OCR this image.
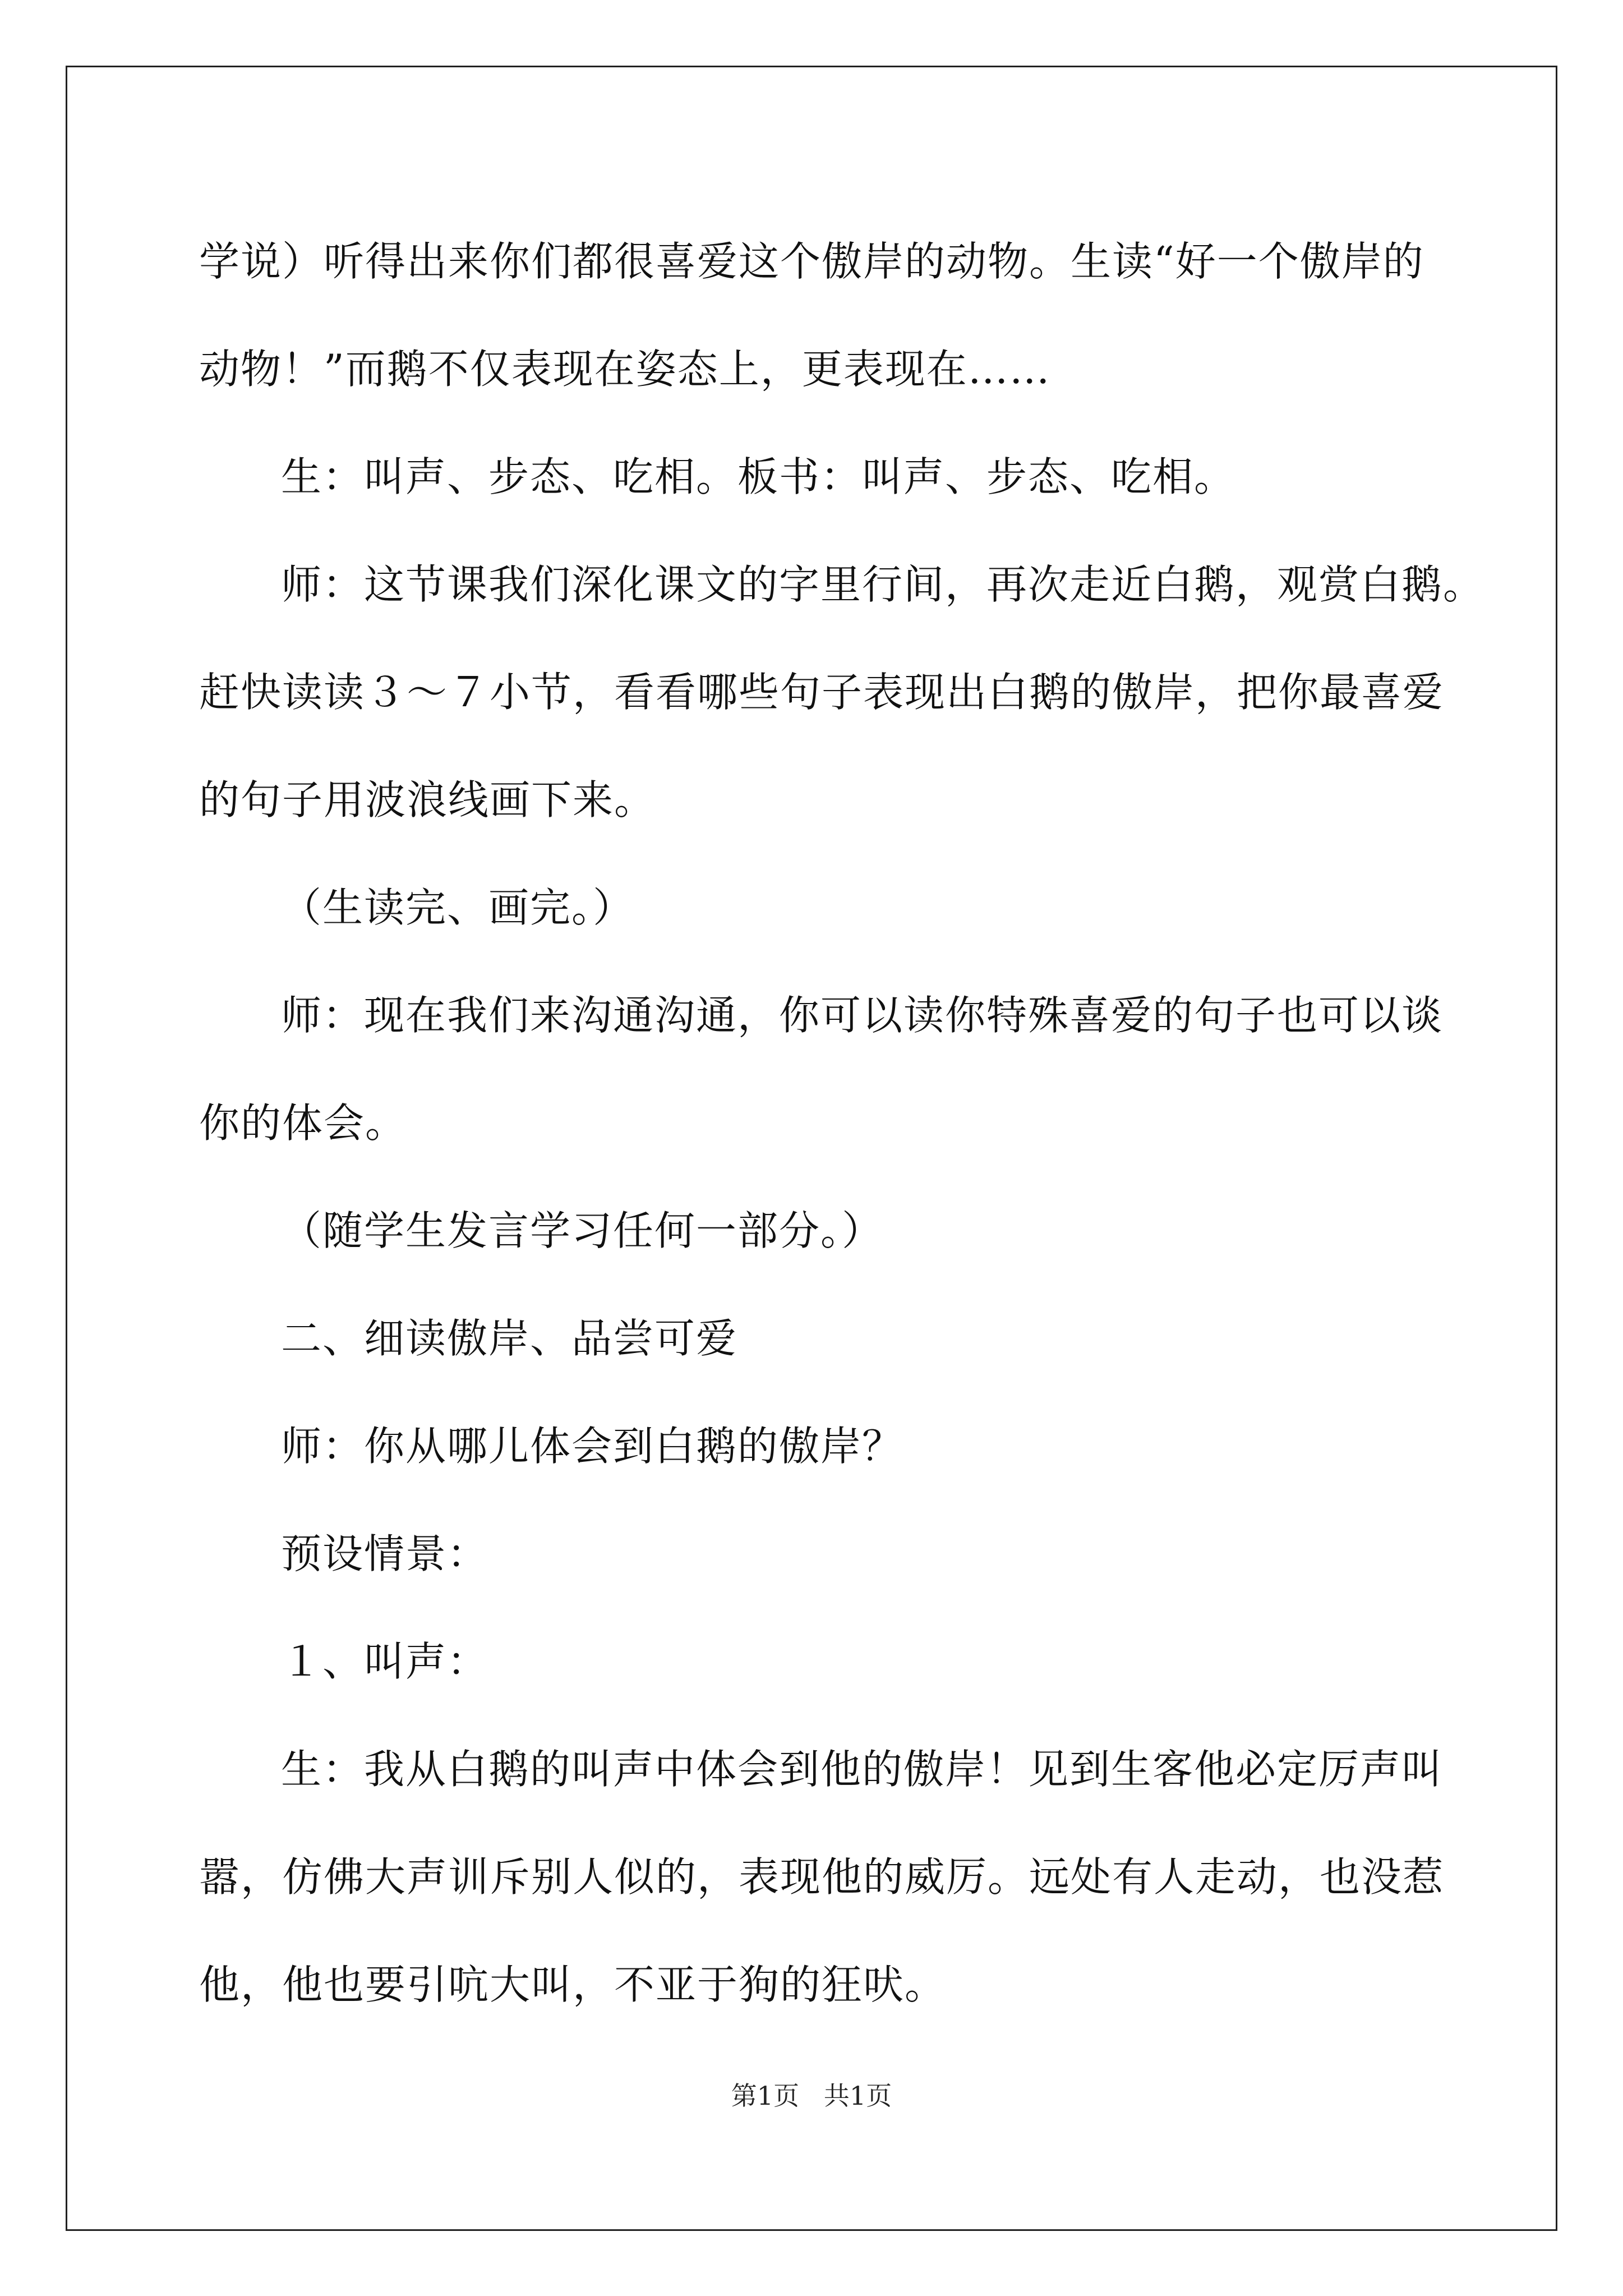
学说）听得出来你们都很喜爱这个傲岸的动物。生读“好一个傲岸的
动物！”而鹅不仅表现在姿态上，更表现在……
生：叫声、步态、吃相。板书：叫声、步态、吃相。
师：这节课我们深化课文的字里行间，再次走近白鹅，观赏白鹅。
赶快读读３～７小节，看看哪些句子表现出白鹅的傲岸，把你最喜爱
的句子用波浪线画下来。
（生读完、画完。）
师：现在我们来沟通沟通，你可以读你特殊喜爱的句子也可以谈
你的体会。
（随学生发言学习任何一部分。）
二、细读傲岸、品尝可爱
师：你从哪儿体会到白鹅的傲岸？
预设情景：
１、叫声：
生：我从白鹅的叫声中体会到他的傲岸！见到生客他必定厉声叫
嚣，仿佛大声训斥别人似的，表现他的威厉。远处有人走动，也没惹
他，他也要引吭大叫，不亚于狗的狂吠。
第1页   共1页
